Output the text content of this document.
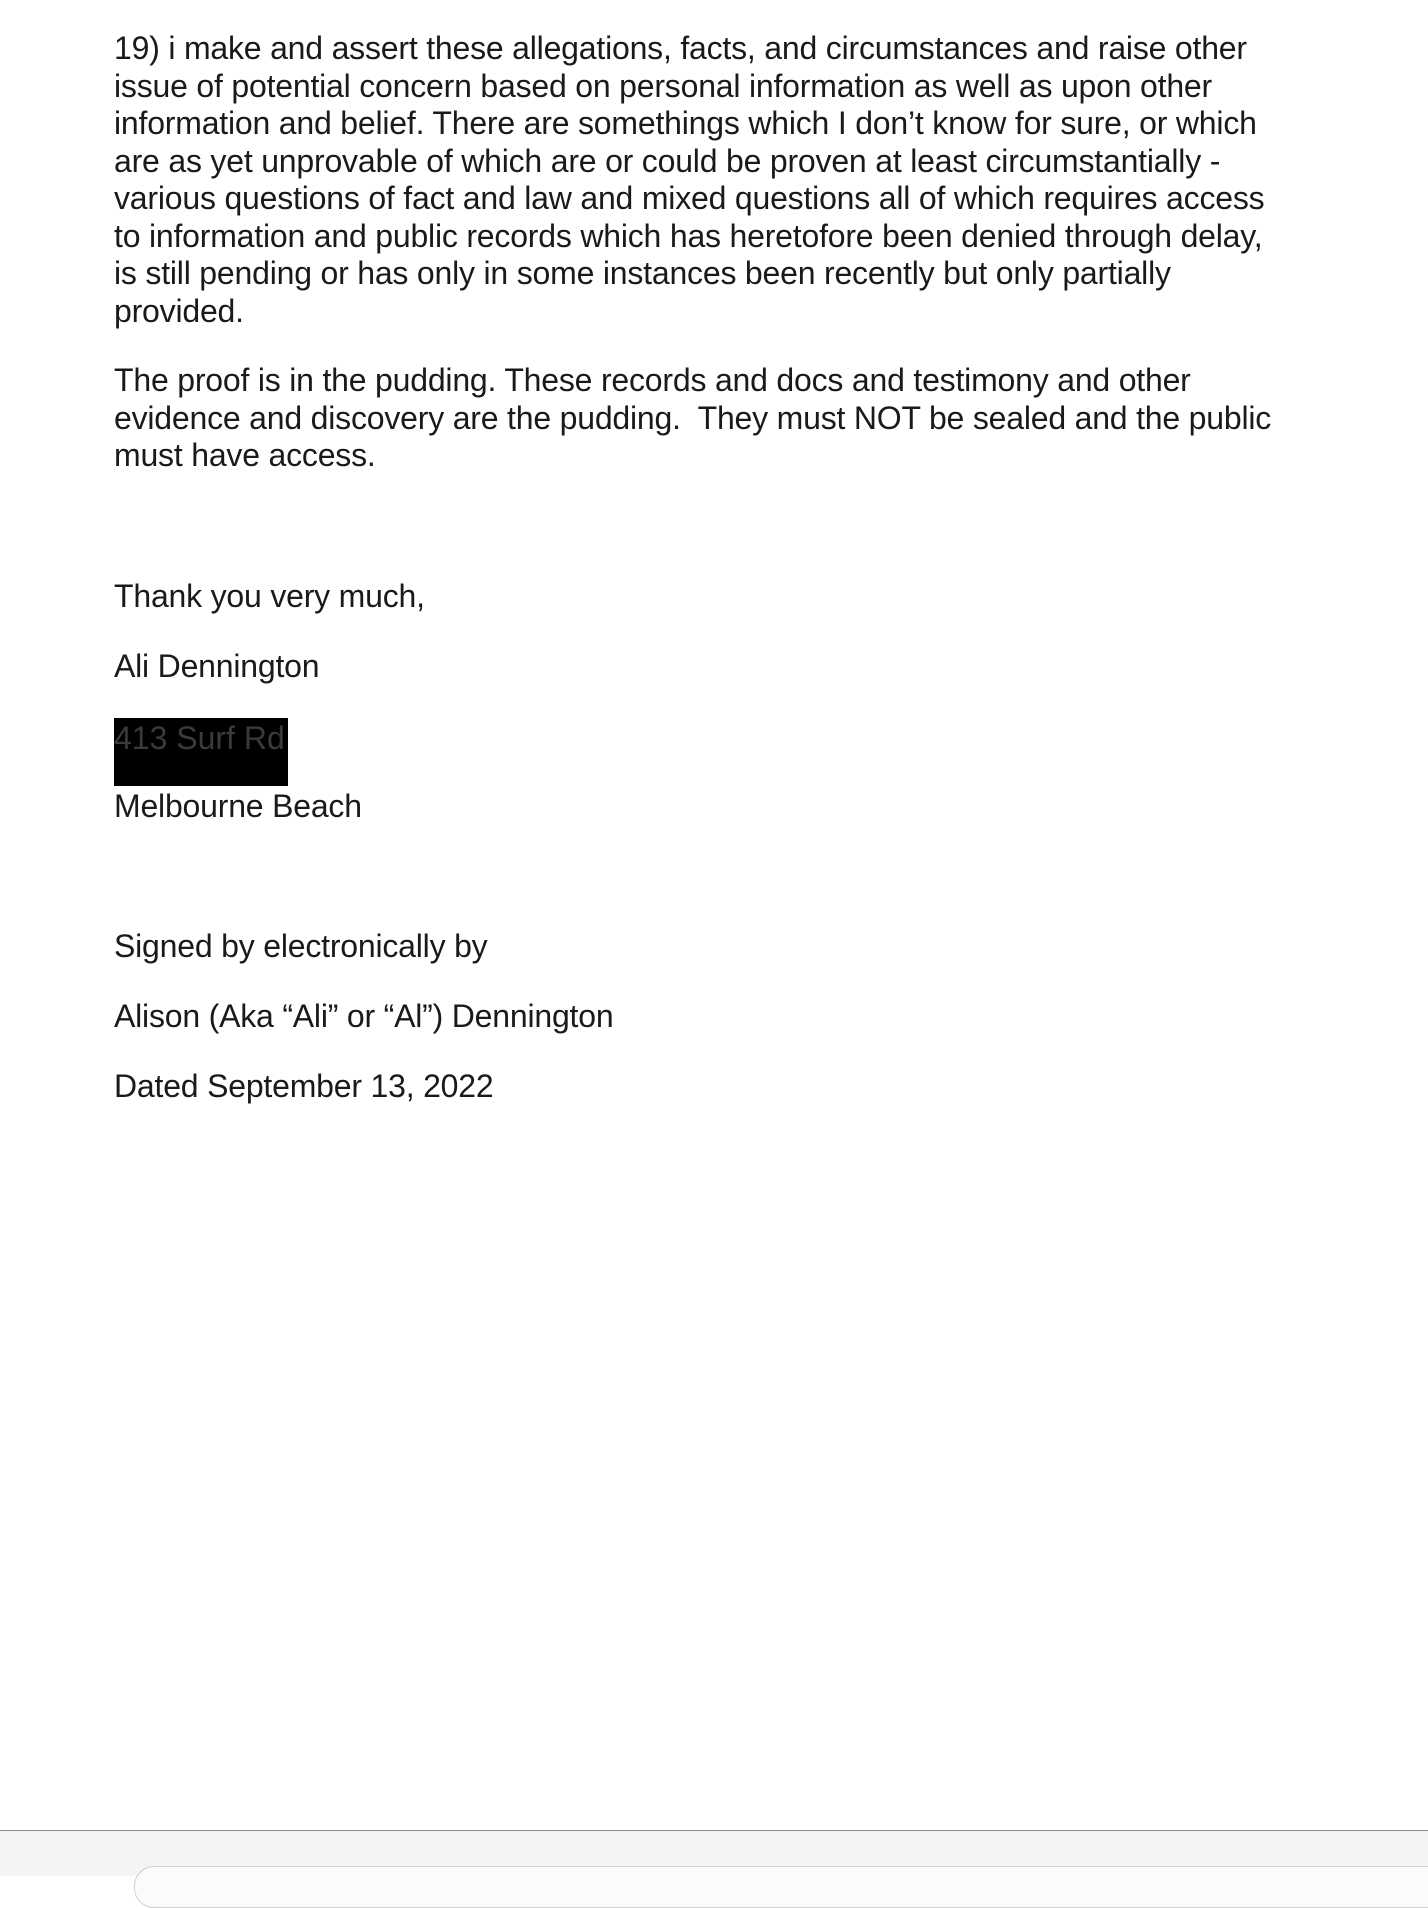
19) i make and assert these allegations, facts, and circumstances and raise other issue of potential concern based on personal information as well as upon other information and belief. There are somethings which I don’t know for sure, or which are as yet unprovable of which are or could be proven at least circumstantially - various questions of fact and law and mixed questions all of which requires access to information and public records which has heretofore been denied through delay, is still pending or has only in some instances been recently but only partially provided.

The proof is in the pudding. These records and docs and testimony and other evidence and discovery are the pudding.  They must NOT be sealed and the public must have access.

Thank you very much,
Ali Dennington
413 Surf Rd
Melbourne Beach
Signed by electronically by
Alison (Aka “Ali” or “Al”) Dennington
Dated September 13, 2022
